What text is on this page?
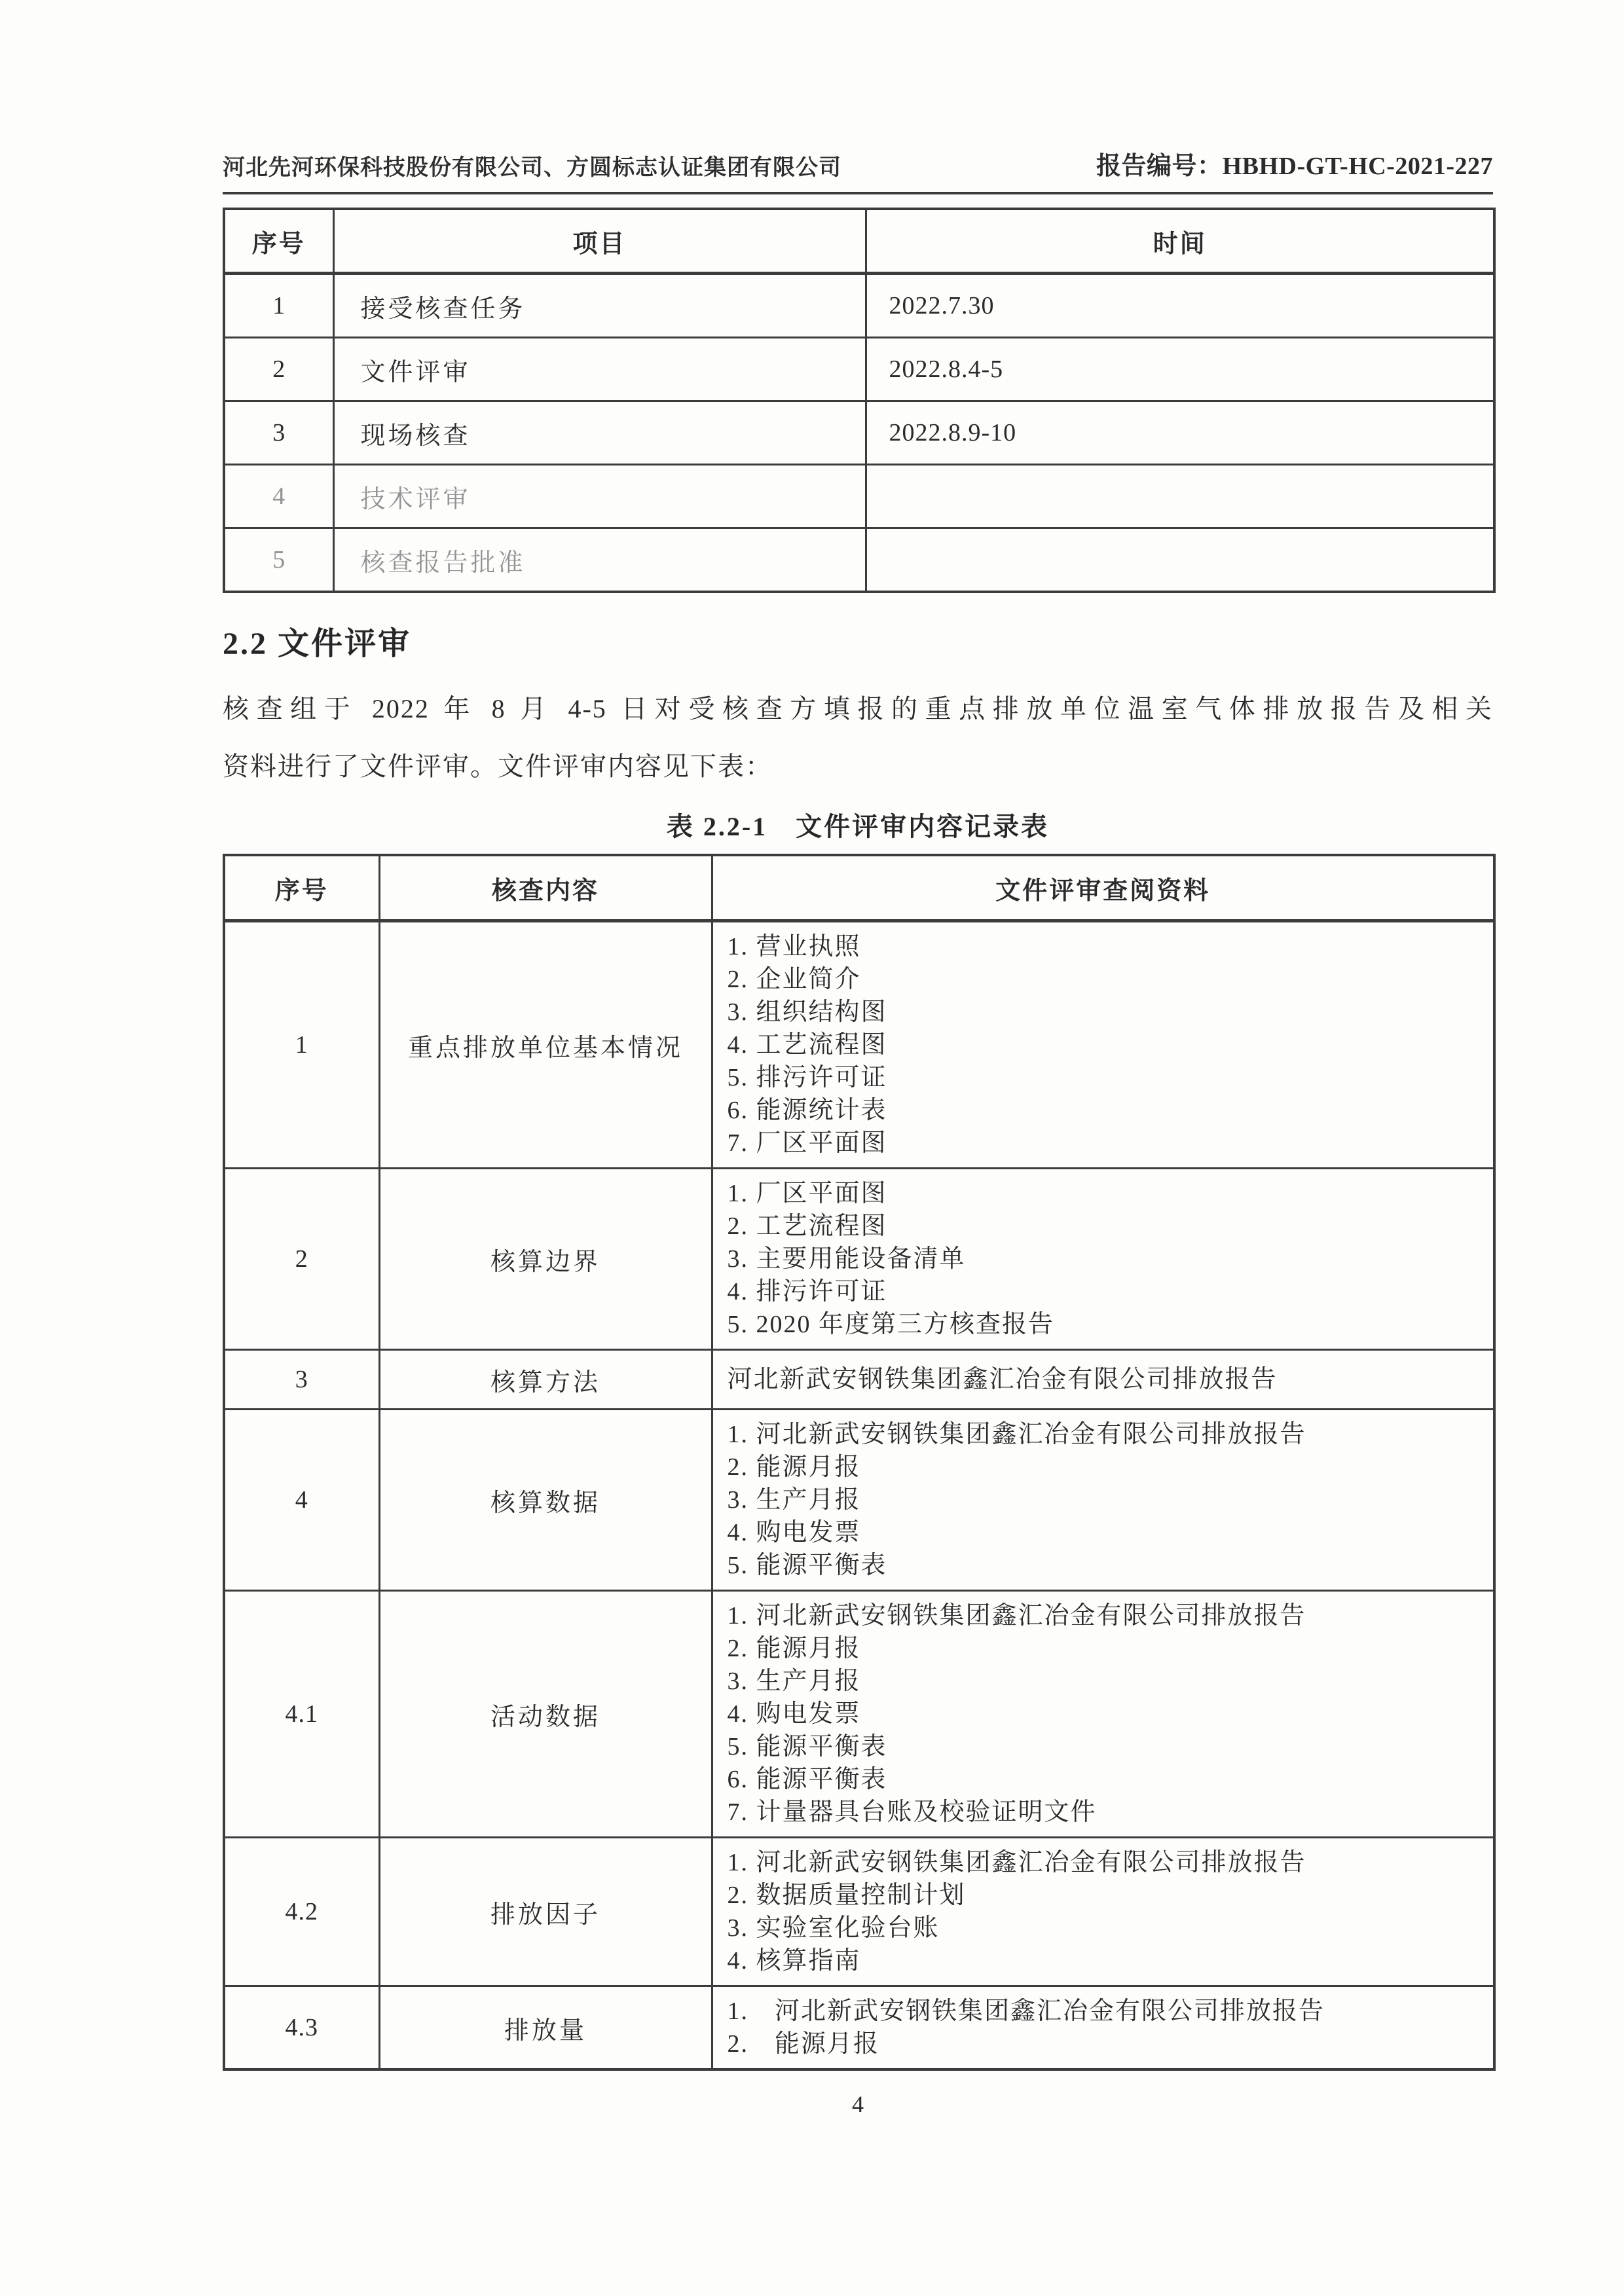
河北先河环保科技股份有限公司、方圆标志认证集团有限公司	报告编号：HBHD-GT-HC-2021-227
序号	项目	时间
1	接受核查任务	2022.7.30
2	文件评审	2022.8.4-5
3	现场核查	2022.8.9-10
4	技术评审	
5	核查报告批准	
2.2 文件评审

核查组于 2022 年 8 月 4-5 日对受核查方填报的重点排放单位温室气体排放报告及相关
资料进行了文件评审。文件评审内容见下表：

表 2.2-1　文件评审内容记录表
序号	核查内容	文件评审查阅资料
1	重点排放单位基本情况	
1. 营业执照
2. 企业简介
3. 组织结构图
4. 工艺流程图
5. 排污许可证
6. 能源统计表
7. 厂区平面图

2	核算边界	1. 厂区平面图
2. 工艺流程图
3. 主要用能设备清单
4. 排污许可证
5. 2020 年度第三方核查报告

3	核算方法	河北新武安钢铁集团鑫汇冶金有限公司排放报告

4	核算数据	1. 河北新武安钢铁集团鑫汇冶金有限公司排放报告
2. 能源月报
3. 生产月报
4. 购电发票
5. 能源平衡表

4.1	活动数据	
1. 河北新武安钢铁集团鑫汇冶金有限公司排放报告
2. 能源月报
3. 生产月报
4. 购电发票
5. 能源平衡表
6. 能源平衡表
7. 计量器具台账及校验证明文件

4.2	排放因子	1. 河北新武安钢铁集团鑫汇冶金有限公司排放报告
2. 数据质量控制计划
3. 实验室化验台账
4. 核算指南

4.3	排放量	1.　河北新武安钢铁集团鑫汇冶金有限公司排放报告
2.　能源月报
4
